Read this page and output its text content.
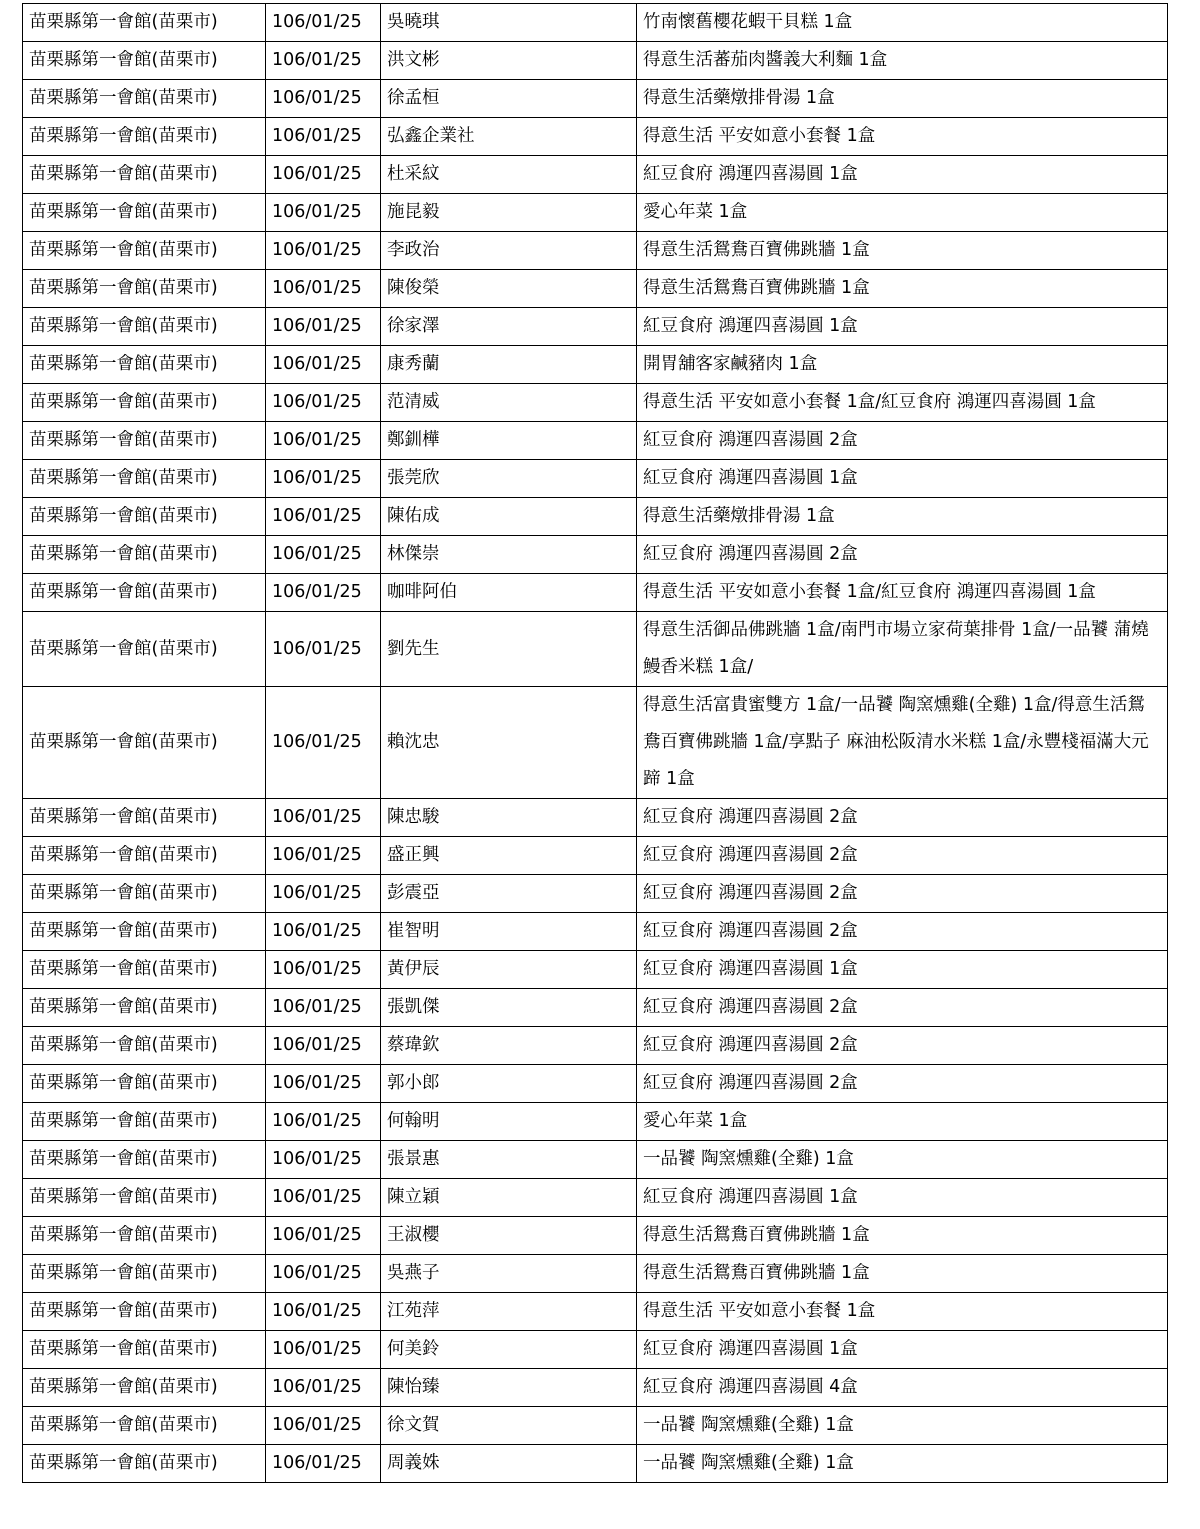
苗栗縣第一會館(苗栗市)	106/01/25	吳曉琪	竹南懷舊櫻花蝦干貝糕 1盒
苗栗縣第一會館(苗栗市)	106/01/25	洪文彬	得意生活蕃茄肉醬義大利麵 1盒
苗栗縣第一會館(苗栗市)	106/01/25	徐孟桓	得意生活藥燉排骨湯 1盒
苗栗縣第一會館(苗栗市)	106/01/25	弘鑫企業社	得意生活 平安如意小套餐 1盒
苗栗縣第一會館(苗栗市)	106/01/25	杜采紋	紅豆食府 鴻運四喜湯圓 1盒
苗栗縣第一會館(苗栗市)	106/01/25	施昆毅	愛心年菜 1盒
苗栗縣第一會館(苗栗市)	106/01/25	李政治	得意生活鴛鴦百寶佛跳牆 1盒
苗栗縣第一會館(苗栗市)	106/01/25	陳俊榮	得意生活鴛鴦百寶佛跳牆 1盒
苗栗縣第一會館(苗栗市)	106/01/25	徐家澤	紅豆食府 鴻運四喜湯圓 1盒
苗栗縣第一會館(苗栗市)	106/01/25	康秀蘭	開胃舖客家鹹豬肉 1盒
苗栗縣第一會館(苗栗市)	106/01/25	范清威	得意生活 平安如意小套餐 1盒/紅豆食府 鴻運四喜湯圓 1盒
苗栗縣第一會館(苗栗市)	106/01/25	鄭釧樺	紅豆食府 鴻運四喜湯圓 2盒
苗栗縣第一會館(苗栗市)	106/01/25	張莞欣	紅豆食府 鴻運四喜湯圓 1盒
苗栗縣第一會館(苗栗市)	106/01/25	陳佑成	得意生活藥燉排骨湯 1盒
苗栗縣第一會館(苗栗市)	106/01/25	林傑崇	紅豆食府 鴻運四喜湯圓 2盒
苗栗縣第一會館(苗栗市)	106/01/25	咖啡阿伯	得意生活 平安如意小套餐 1盒/紅豆食府 鴻運四喜湯圓 1盒
苗栗縣第一會館(苗栗市)	106/01/25	劉先生	得意生活御品佛跳牆 1盒/南門市場立家荷葉排骨 1盒/一品饕 蒲燒鰻香米糕 1盒/
苗栗縣第一會館(苗栗市)	106/01/25	賴沈忠	得意生活富貴蜜雙方 1盒/一品饕 陶窯燻雞(全雞) 1盒/得意生活鴛鴦百寶佛跳牆 1盒/享點子 麻油松阪清水米糕 1盒/永豐棧福滿大元蹄 1盒
苗栗縣第一會館(苗栗市)	106/01/25	陳忠駿	紅豆食府 鴻運四喜湯圓 2盒
苗栗縣第一會館(苗栗市)	106/01/25	盛正興	紅豆食府 鴻運四喜湯圓 2盒
苗栗縣第一會館(苗栗市)	106/01/25	彭震亞	紅豆食府 鴻運四喜湯圓 2盒
苗栗縣第一會館(苗栗市)	106/01/25	崔智明	紅豆食府 鴻運四喜湯圓 2盒
苗栗縣第一會館(苗栗市)	106/01/25	黃伊辰	紅豆食府 鴻運四喜湯圓 1盒
苗栗縣第一會館(苗栗市)	106/01/25	張凱傑	紅豆食府 鴻運四喜湯圓 2盒
苗栗縣第一會館(苗栗市)	106/01/25	蔡瑋欽	紅豆食府 鴻運四喜湯圓 2盒
苗栗縣第一會館(苗栗市)	106/01/25	郭小郎	紅豆食府 鴻運四喜湯圓 2盒
苗栗縣第一會館(苗栗市)	106/01/25	何翰明	愛心年菜 1盒
苗栗縣第一會館(苗栗市)	106/01/25	張景惠	一品饕 陶窯燻雞(全雞) 1盒
苗栗縣第一會館(苗栗市)	106/01/25	陳立穎	紅豆食府 鴻運四喜湯圓 1盒
苗栗縣第一會館(苗栗市)	106/01/25	王淑櫻	得意生活鴛鴦百寶佛跳牆 1盒
苗栗縣第一會館(苗栗市)	106/01/25	吳燕子	得意生活鴛鴦百寶佛跳牆 1盒
苗栗縣第一會館(苗栗市)	106/01/25	江苑萍	得意生活 平安如意小套餐 1盒
苗栗縣第一會館(苗栗市)	106/01/25	何美鈴	紅豆食府 鴻運四喜湯圓 1盒
苗栗縣第一會館(苗栗市)	106/01/25	陳怡臻	紅豆食府 鴻運四喜湯圓 4盒
苗栗縣第一會館(苗栗市)	106/01/25	徐文賀	一品饕 陶窯燻雞(全雞) 1盒
苗栗縣第一會館(苗栗市)	106/01/25	周義姝	一品饕 陶窯燻雞(全雞) 1盒
